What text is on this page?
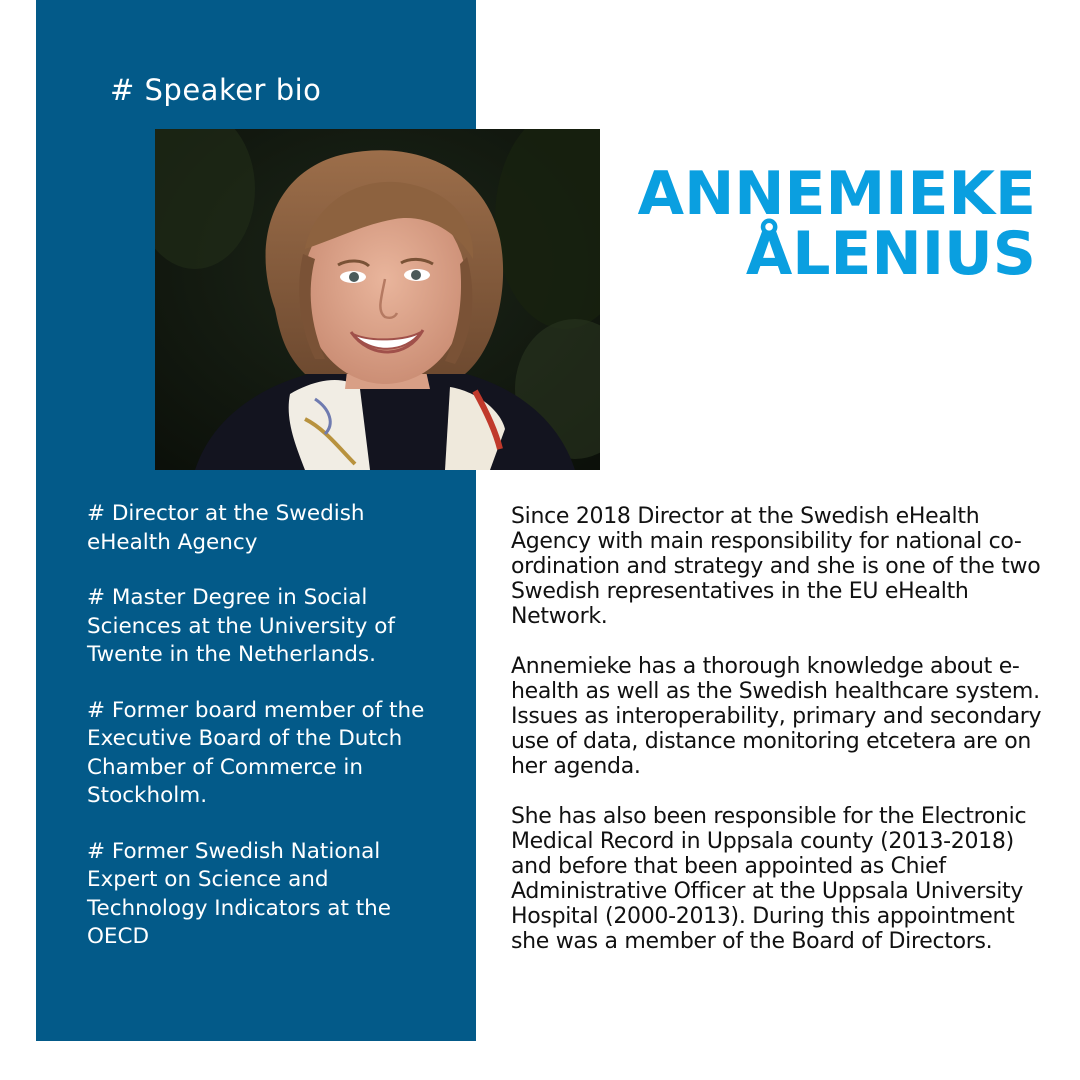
# Speaker bio
ANNEMIEKE
ÅLENIUS
# Director at the Swedish eHealth Agency
# Master Degree in Social Sciences at the University of Twente in the Netherlands.
# Former board member of the Executive Board of the Dutch Chamber of Commerce in Stockholm.
# Former Swedish National Expert on Science and Technology Indicators at the OECD

Since 2018 Director at the Swedish eHealth Agency with main responsibility for national co-ordination and strategy and she is one of the two Swedish representatives in the EU eHealth Network.

Annemieke has a thorough knowledge about e-health as well as the Swedish healthcare system. Issues as interoperability, primary and secondary use of data, distance monitoring etcetera are on her agenda.

She has also been responsible for the Electronic Medical Record in Uppsala county (2013-2018) and before that been appointed as Chief Administrative Officer at the Uppsala University Hospital (2000-2013). During this appointment she was a member of the Board of Directors.
